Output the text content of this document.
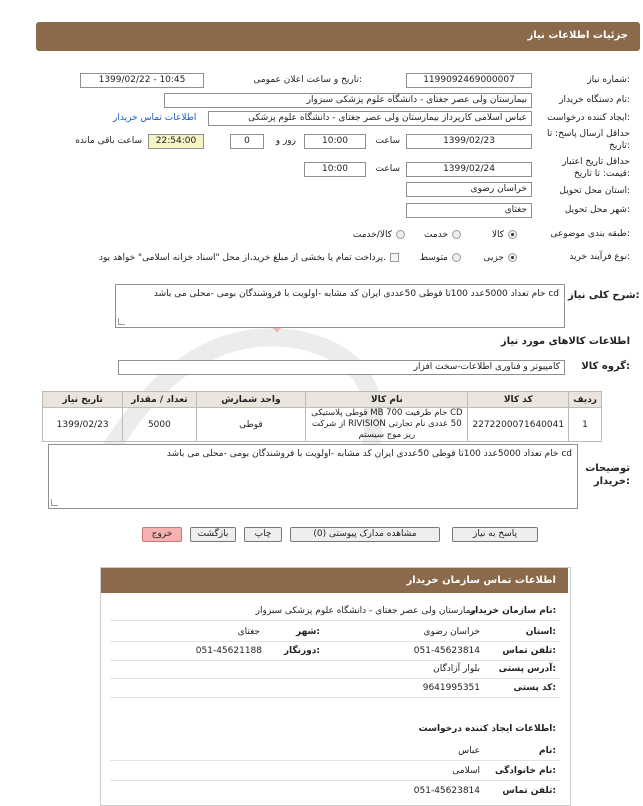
جزئیات اطلاعات نیاز
شماره نیاز:
1199092469000007
تاریخ و ساعت اعلان عمومی:
1399/02/22 - 10:45
نام دستگاه خریدار:
بیمارستان ولی عصر جغتای - دانشگاه علوم پزشکی سبزوار
ایجاد کننده درخواست:
عباس اسلامی کارپرداز بیمارستان ولی عصر جغتای - دانشگاه علوم پزشکی
اطلاعات تماس خریدار
حداقل ارسال پاسخ: تا تاریخ:
1399/02/23
ساعت
10:00
روز و
0
22:54:00
ساعت باقی مانده
حداقل تاریخ اعتبار قیمت: تا تاریخ:
1399/02/24
ساعت
10:00
استان محل تحویل:
خراسان رضوی
شهر محل تحویل:
جغتای
طبقه بندی موضوعی:
کالا
خدمت
کالا/خدمت
نوع فرآیند خرید:
جزیی
متوسط
پرداخت تمام یا بخشی از مبلغ خرید،از محل "اسناد خزانه اسلامی" خواهد بود.
شرح کلی نیاز:
cd خام تعداد 5000عدد 100تا قوطی 50عددی ایران کد مشابه -اولویت با فروشندگان بومی -محلی می باشد
اطلاعات کالاهای مورد نیاز
گروه کالا:
کامپیوتر و فناوری اطلاعات-سخت افزار
ردیف	کد کالا	نام کالا	واحد شمارش	تعداد / مقدار	تاریخ نیاز
1	2272200071640041	CD خام ظرفیت 700 MB قوطی پلاستیکی 50 عددی نام تجارتی RIVISION از شرکت ریز موج سیستم	قوطی	5000	1399/02/23
توضیحات خریدار:
cd خام تعداد 5000عدد 100تا قوطی 50عددی ایران کد مشابه -اولویت با فروشندگان بومی -محلی می باشد
پاسخ به نیاز
مشاهده مدارک پیوستی (0)
چاپ
بازگشت
خروج
اطلاعات تماس سازمان خریدار
نام سازمان خریدار:
بیمارستان ولی عصر جغتای - دانشگاه علوم پزشکی سبزوار
استان:
خراسان رضوی
شهر:
جغتای
تلفن تماس:
051-45623814
دورنگار:
051-45621188
آدرس پستی:
بلوار آزادگان
کد پستی:
9641995351
اطلاعات ایجاد کننده درخواست:
نام:
عباس
نام خانوادگی:
اسلامی
تلفن تماس:
051-45623814
